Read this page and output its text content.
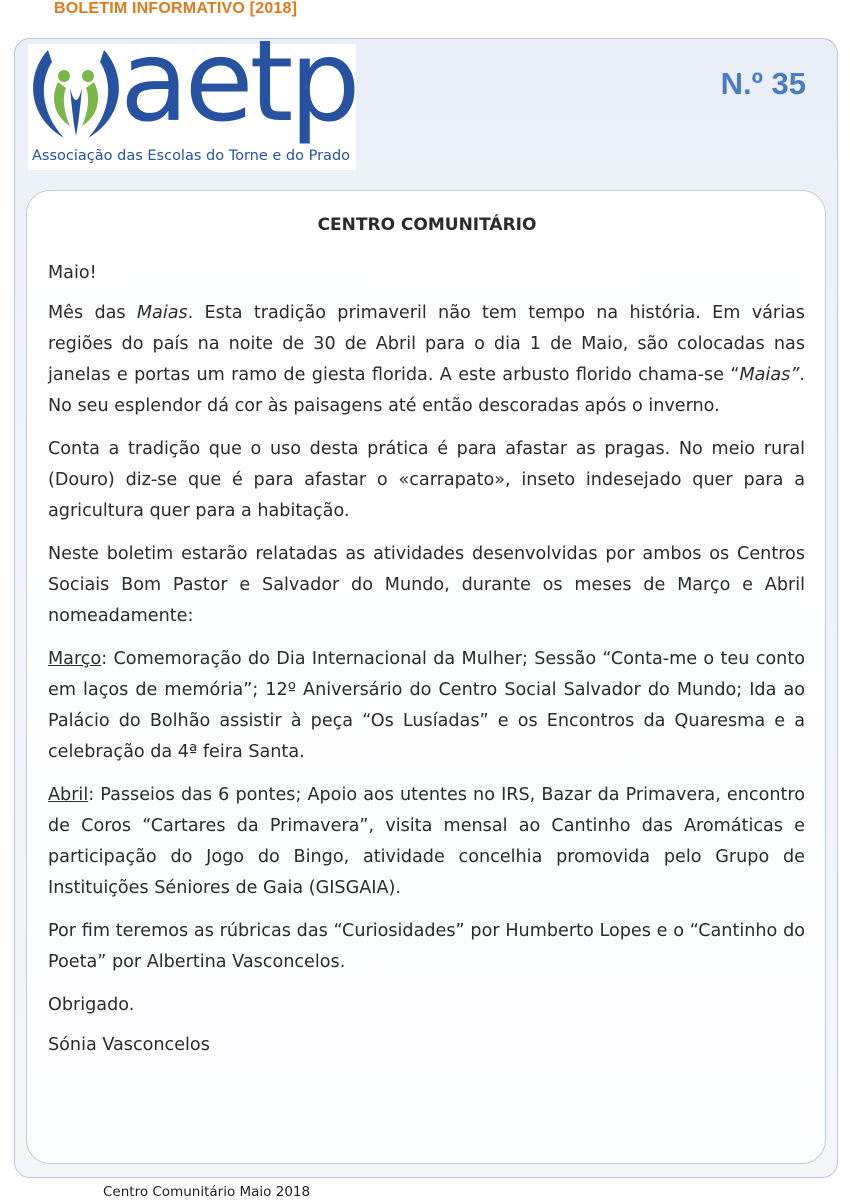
BOLETIM INFORMATIVO [2018]
aetp
Associação das Escolas do Torne e do Prado
N.º 35
CENTRO COMUNITÁRIO

Maio!

Mês das Maias. Esta tradição primaveril não tem tempo na história. Em várias regiões do país na noite de 30 de Abril para o dia 1 de Maio, são colocadas nas janelas e portas um ramo de giesta florida. A este arbusto florido chama-se “Maias”. No seu esplendor dá cor às paisagens até então descoradas após o inverno.

Conta a tradição que o uso desta prática é para afastar as pragas. No meio rural (Douro) diz-se que é para afastar o «carrapato», inseto indesejado quer para a agricultura quer para a habitação.

Neste boletim estarão relatadas as atividades desenvolvidas por ambos os Centros Sociais Bom Pastor e Salvador do Mundo, durante os meses de Março e Abril nomeadamente:

Março: Comemoração do Dia Internacional da Mulher; Sessão “Conta-me o teu conto em laços de memória”; 12º Aniversário do Centro Social Salvador do Mundo; Ida ao Palácio do Bolhão assistir à peça “Os Lusíadas” e os Encontros da Quaresma e a celebração da 4ª feira Santa.

Abril: Passeios das 6 pontes; Apoio aos utentes no IRS, Bazar da Primavera, encontro de Coros “Cartares da Primavera”, visita mensal ao Cantinho das Aromáticas e participação do Jogo do Bingo, atividade concelhia promovida pelo Grupo de Instituições Séniores de Gaia (GISGAIA).

Por fim teremos as rúbricas das “Curiosidades” por Humberto Lopes e o “Cantinho do Poeta” por Albertina Vasconcelos.

Obrigado.

Sónia Vasconcelos

Centro Comunitário Maio 2018
